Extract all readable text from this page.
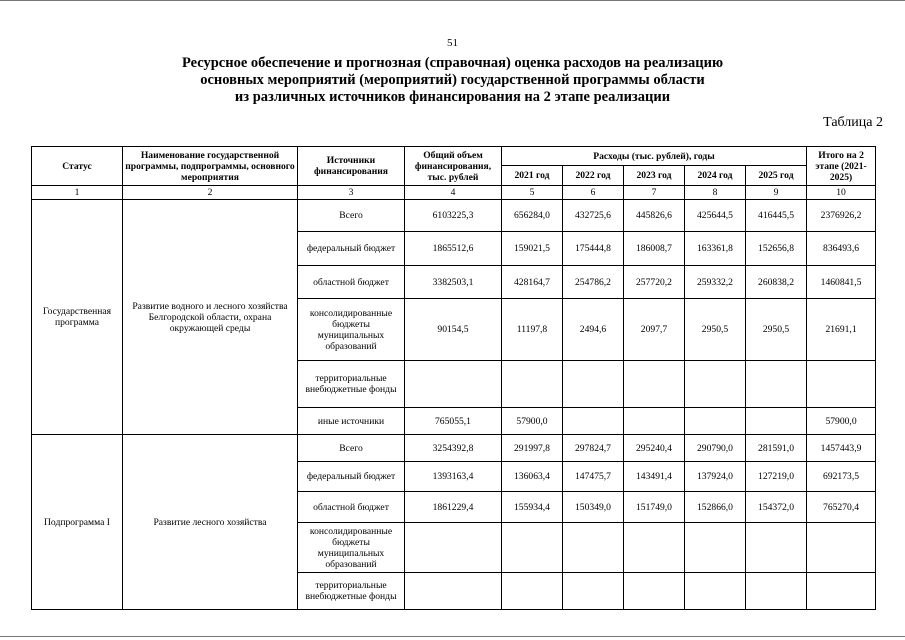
51
Ресурсное обеспечение и прогнозная (справочная) оценка расходов на реализацию
основных мероприятий (мероприятий) государственной программы области
из различных источников финансирования на 2 этапе реализации
Таблица 2
Статус	Наименование государственной программы, подпрограммы, основного мероприятия	Источники финансирования	Общий объем финансирования, тыс. рублей	Расходы (тыс. рублей), годы					Итого на 2 этапе (2021-2025)
				2021 год	2022 год	2023 год	2024 год	2025 год	
1	2	3	4	5	6	7	8	9	10
Государственная программа	Развитие водного и лесного хозяйства Белгородской области, охрана окружающей среды	Всего	6103225,3	656284,0	432725,6	445826,6	425644,5	416445,5	2376926,2
		федеральный бюджет	1865512,6	159021,5	175444,8	186008,7	163361,8	152656,8	836493,6
		областной бюджет	3382503,1	428164,7	254786,2	257720,2	259332,2	260838,2	1460841,5
		консолидированные бюджеты муниципальных образований	90154,5	11197,8	2494,6	2097,7	2950,5	2950,5	21691,1
		территориальные внебюджетные фонды							
		иные источники	765055,1	57900,0					57900,0
Подпрограмма I	Развитие лесного хозяйства	Всего	3254392,8	291997,8	297824,7	295240,4	290790,0	281591,0	1457443,9
		федеральный бюджет	1393163,4	136063,4	147475,7	143491,4	137924,0	127219,0	692173,5
		областной бюджет	1861229,4	155934,4	150349,0	151749,0	152866,0	154372,0	765270,4
		консолидированные бюджеты муниципальных образований							
		территориальные внебюджетные фонды							
